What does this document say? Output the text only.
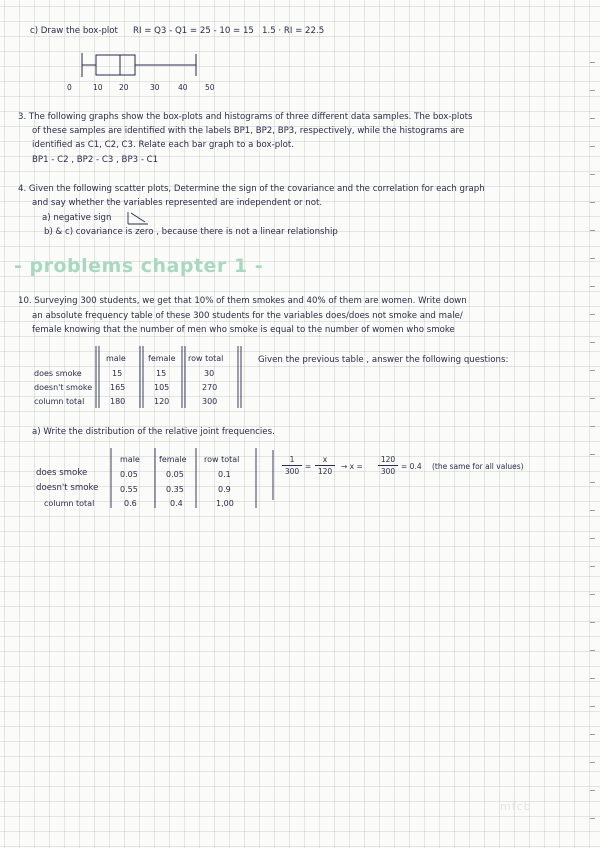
c) Draw the box-plot RI = Q3 - Q1 = 25 - 10 = 15 1.5 · RI = 22.5
0	10 20	30 40 50
3. The following graphs show the box-plots and histograms of three different data samples. The box-plots
of these samples are identified with the labels BP1, BP2, BP3, respectively, while the histograms are
identified as C1, C2, C3. Relate each bar graph to a box-plot.
BP1 - C2 , BP2 - C3 , BP3 - C1
4. Given the following scatter plots, Determine the sign of the covariance and the correlation for each graph
and say whether the variables represented are independent or not.
a) negative sign
b) & c) covariance is zero , because there is not a linear relationship
- problems chapter 1 -
10. Surveying 300 students, we get that 10% of them smokes and 40% of them are women. Write down
an absolute frequency table of these 300 students for the variables does/does not smoke and male/
female knowing that the number of men who smoke is equal to the number of women who smoke
male	female row total
does smoke	15	15	30
doesn't smoke 165	105	270
column total	180	120	300
Given the previous table , answer the following questions:
a) Write the distribution of the relative joint frequencies.
male female row total
does smoke	0.05	0.05	0.1
doesn't smoke	0.55	0.35	0.9
column total	0.6	0.4	1,00
1
300
=
x
120
→ x =
120
300
= 0.4 (the same for all values)
mfcb
